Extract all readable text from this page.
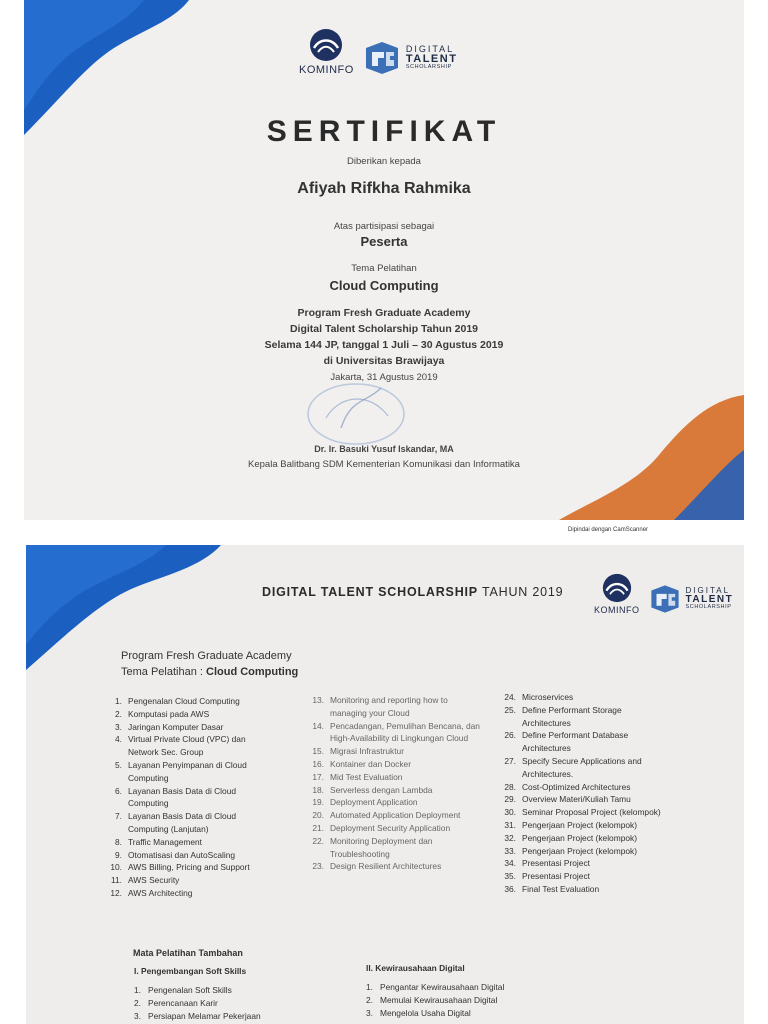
KOMINFO
DIGITAL
TALENT
SCHOLARSHIP
SERTIFIKAT
Diberikan kepada
Afiyah Rifkha Rahmika
Atas partisipasi sebagai
Peserta
Tema Pelatihan
Cloud Computing
Program Fresh Graduate Academy
Digital Talent Scholarship Tahun 2019
Selama 144 JP, tanggal 1 Juli – 30 Agustus 2019
di Universitas Brawijaya
Jakarta, 31 Agustus 2019
Dr. Ir. Basuki Yusuf Iskandar, MA
Kepala Balitbang SDM Kementerian Komunikasi dan Informatika
Dipindai dengan CamScanner
DIGITAL TALENT SCHOLARSHIP TAHUN 2019
KOMINFO
DIGITAL
TALENT
SCHOLARSHIP
Program Fresh Graduate Academy
Tema Pelatihan : Cloud Computing
1. Pengenalan Cloud Computing
2. Komputasi pada AWS
3. Jaringan Komputer Dasar
4. Virtual Private Cloud (VPC) dan Network Sec. Group
5. Layanan Penyimpanan di Cloud Computing
6. Layanan Basis Data di Cloud Computing
7. Layanan Basis Data di Cloud Computing (Lanjutan)
8. Traffic Management
9. Otomatisasi dan AutoScaling
10. AWS Billing, Pricing and Support
11. AWS Security
12. AWS Architecting
13. Monitoring and reporting how to managing your Cloud
14. Pencadangan, Pemulihan Bencana, dan High-Availability di Lingkungan Cloud
15. Migrasi Infrastruktur
16. Kontainer dan Docker
17. Mid Test Evaluation
18. Serverless dengan Lambda
19. Deployment Application
20. Automated Application Deployment
21. Deployment Security Application
22. Monitoring Deployment dan Troubleshooting
23. Design Resilient Architectures
24. Microservices
25. Define Performant Storage Architectures
26. Define Performant Database Architectures
27. Specify Secure Applications and Architectures.
28. Cost-Optimized Architectures
29. Overview Materi/Kuliah Tamu
30. Seminar Proposal Project (kelompok)
31. Pengerjaan Project (kelompok)
32. Pengerjaan Project (kelompok)
33. Pengerjaan Project (kelompok)
34. Presentasi Project
35. Presentasi Project
36. Final Test Evaluation
Mata Pelatihan Tambahan
I. Pengembangan Soft Skills
1. Pengenalan Soft Skills
2. Perencanaan Karir
3. Persiapan Melamar Pekerjaan
II. Kewirausahaan Digital
1. Pengantar Kewirausahaan Digital
2. Memulai Kewirausahaan Digital
3. Mengelola Usaha Digital
